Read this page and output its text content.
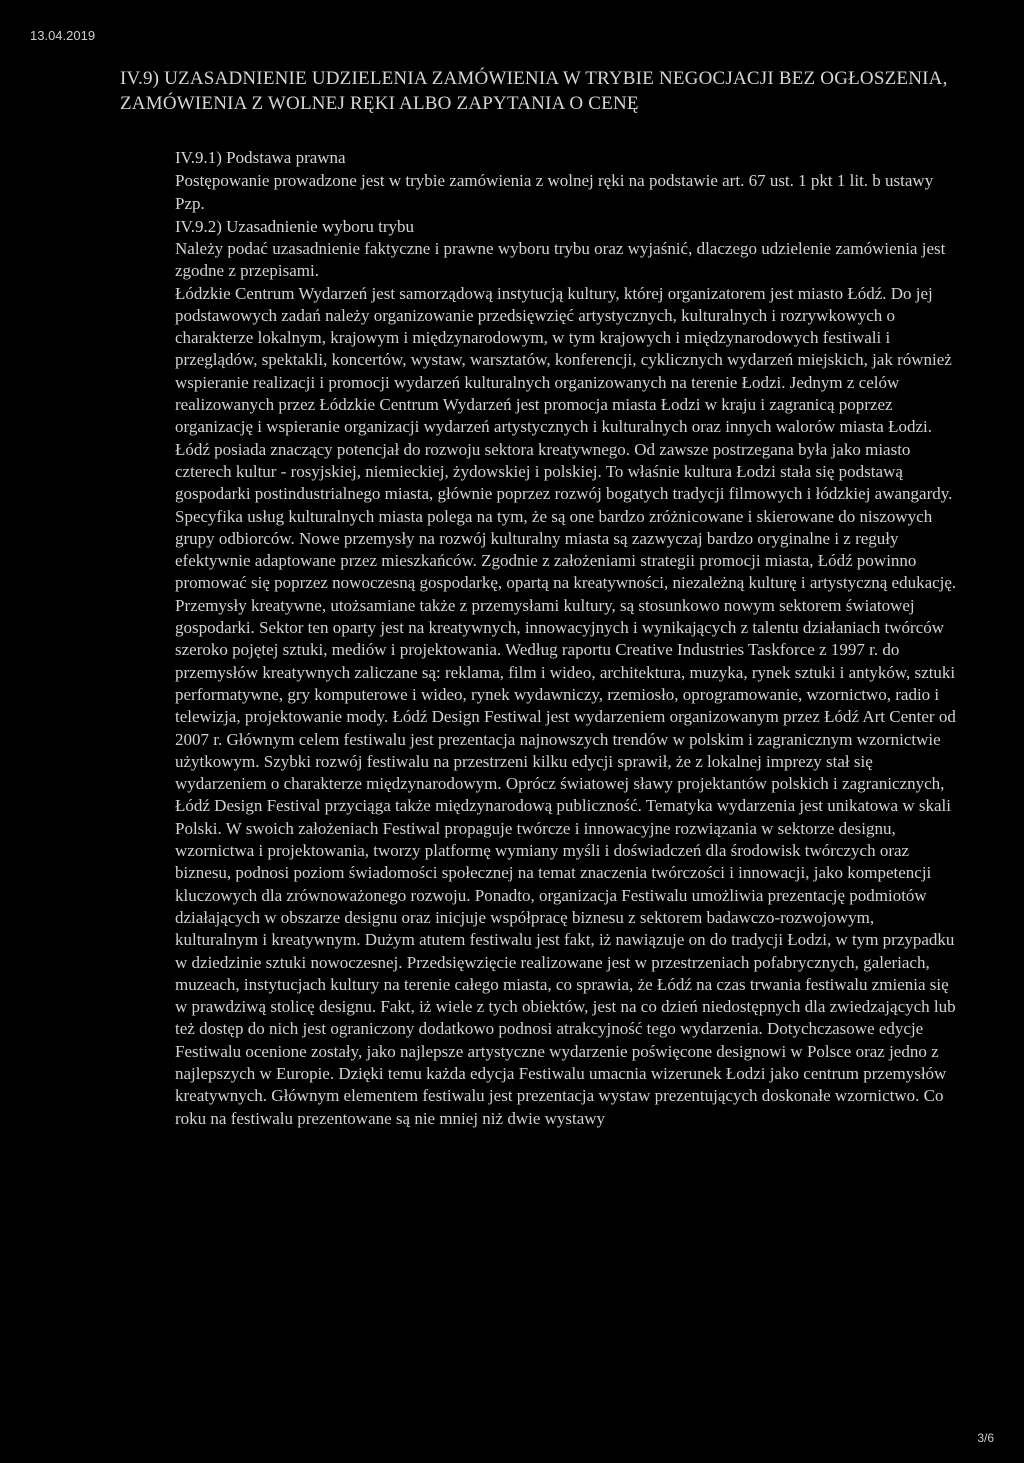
13.04.2019
IV.9) UZASADNIENIE UDZIELENIA ZAMÓWIENIA W TRYBIE NEGOCJACJI BEZ OGŁOSZENIA, ZAMÓWIENIA Z WOLNEJ RĘKI ALBO ZAPYTANIA O CENĘ
IV.9.1) Podstawa prawna
Postępowanie prowadzone jest w trybie zamówienia z wolnej ręki na podstawie art. 67 ust. 1 pkt 1 lit. b ustawy Pzp.
IV.9.2) Uzasadnienie wyboru trybu
Należy podać uzasadnienie faktyczne i prawne wyboru trybu oraz wyjaśnić, dlaczego udzielenie zamówienia jest zgodne z przepisami.
Łódzkie Centrum Wydarzeń jest samorządową instytucją kultury, której organizatorem jest miasto Łódź. Do jej podstawowych zadań należy organizowanie przedsięwzięć artystycznych, kulturalnych i rozrywkowych o charakterze lokalnym, krajowym i międzynarodowym, w tym krajowych i międzynarodowych festiwali i przeglądów, spektakli, koncertów, wystaw, warsztatów, konferencji, cyklicznych wydarzeń miejskich, jak również wspieranie realizacji i promocji wydarzeń kulturalnych organizowanych na terenie Łodzi. Jednym z celów realizowanych przez Łódzkie Centrum Wydarzeń jest promocja miasta Łodzi w kraju i zagranicą poprzez organizację i wspieranie organizacji wydarzeń artystycznych i kulturalnych oraz innych walorów miasta Łodzi. Łódź posiada znaczący potencjał do rozwoju sektora kreatywnego. Od zawsze postrzegana była jako miasto czterech kultur - rosyjskiej, niemieckiej, żydowskiej i polskiej. To właśnie kultura Łodzi stała się podstawą gospodarki postindustrialnego miasta, głównie poprzez rozwój bogatych tradycji filmowych i łódzkiej awangardy. Specyfika usług kulturalnych miasta polega na tym, że są one bardzo zróżnicowane i skierowane do niszowych grupy odbiorców. Nowe przemysły na rozwój kulturalny miasta są zazwyczaj bardzo oryginalne i z reguły efektywnie adaptowane przez mieszkańców. Zgodnie z założeniami strategii promocji miasta, Łódź powinno promować się poprzez nowoczesną gospodarkę, opartą na kreatywności, niezależną kulturę i artystyczną edukację. Przemysły kreatywne, utożsamiane także z przemysłami kultury, są stosunkowo nowym sektorem światowej gospodarki. Sektor ten oparty jest na kreatywnych, innowacyjnych i wynikających z talentu działaniach twórców szeroko pojętej sztuki, mediów i projektowania. Według raportu Creative Industries Taskforce z 1997 r. do przemysłów kreatywnych zaliczane są: reklama, film i wideo, architektura, muzyka, rynek sztuki i antyków, sztuki performatywne, gry komputerowe i wideo, rynek wydawniczy, rzemiosło, oprogramowanie, wzornictwo, radio i telewizja, projektowanie mody. Łódź Design Festiwal jest wydarzeniem organizowanym przez Łódź Art Center od 2007 r. Głównym celem festiwalu jest prezentacja najnowszych trendów w polskim i zagranicznym wzornictwie użytkowym. Szybki rozwój festiwalu na przestrzeni kilku edycji sprawił, że z lokalnej imprezy stał się wydarzeniem o charakterze międzynarodowym. Oprócz światowej sławy projektantów polskich i zagranicznych, Łódź Design Festival przyciąga także międzynarodową publiczność. Tematyka wydarzenia jest unikatowa w skali Polski. W swoich założeniach Festiwal propaguje twórcze i innowacyjne rozwiązania w sektorze designu, wzornictwa i projektowania, tworzy platformę wymiany myśli i doświadczeń dla środowisk twórczych oraz biznesu, podnosi poziom świadomości społecznej na temat znaczenia twórczości i innowacji, jako kompetencji kluczowych dla zrównoważonego rozwoju. Ponadto, organizacja Festiwalu umożliwia prezentację podmiotów działających w obszarze designu oraz inicjuje współpracę biznesu z sektorem badawczo-rozwojowym, kulturalnym i kreatywnym. Dużym atutem festiwalu jest fakt, iż nawiązuje on do tradycji Łodzi, w tym przypadku w dziedzinie sztuki nowoczesnej. Przedsięwzięcie realizowane jest w przestrzeniach pofabrycznych, galeriach, muzeach, instytucjach kultury na terenie całego miasta, co sprawia, że Łódź na czas trwania festiwalu zmienia się w prawdziwą stolicę designu. Fakt, iż wiele z tych obiektów, jest na co dzień niedostępnych dla zwiedzających lub też dostęp do nich jest ograniczony dodatkowo podnosi atrakcyjność tego wydarzenia. Dotychczasowe edycje Festiwalu ocenione zostały, jako najlepsze artystyczne wydarzenie poświęcone designowi w Polsce oraz jedno z najlepszych w Europie. Dzięki temu każda edycja Festiwalu umacnia wizerunek Łodzi jako centrum przemysłów kreatywnych. Głównym elementem festiwalu jest prezentacja wystaw prezentujących doskonałe wzornictwo. Co roku na festiwalu prezentowane są nie mniej niż dwie wystawy
3/6
